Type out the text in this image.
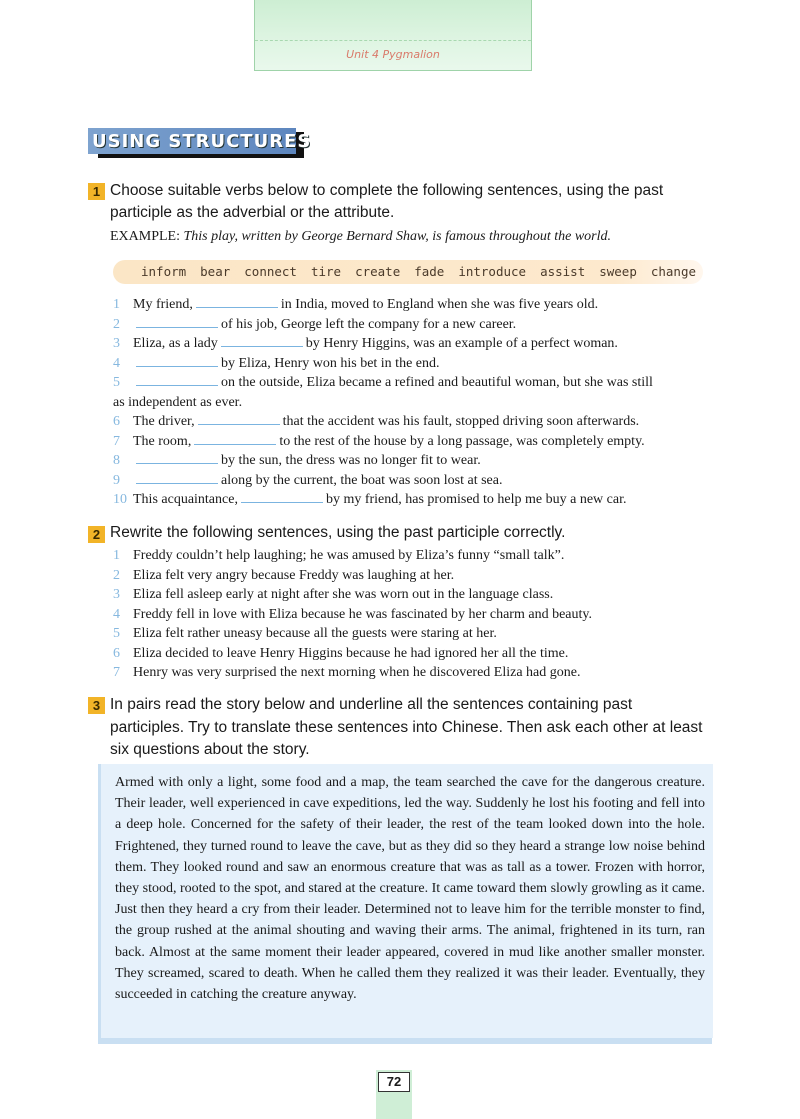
Unit 4 Pygmalion
USING STRUCTURES
1 Choose suitable verbs below to complete the following sentences, using the past participle as the adverbial or the attribute.
EXAMPLE: This play, written by George Bernard Shaw, is famous throughout the world.
inform bear connect tire create fade introduce assist sweep change
1 My friend,	in India, moved to England when she was five years old.
2	of his job, George left the company for a new career.
3 Eliza, as a lady	by Henry Higgins, was an example of a perfect woman.
4	by Eliza, Henry won his bet in the end.
5	on the outside, Eliza became a refined and beautiful woman, but she was still
as independent as ever.
6 The driver,	that the accident was his fault, stopped driving soon afterwards.
7 The room,	to the rest of the house by a long passage, was completely empty.
8	by the sun, the dress was no longer fit to wear.
9	along by the current, the boat was soon lost at sea.
10 This acquaintance,	by my friend, has promised to help me buy a new car.
2 Rewrite the following sentences, using the past participle correctly.
1 Freddy couldn’t help laughing; he was amused by Eliza’s funny “small talk”.
2 Eliza felt very angry because Freddy was laughing at her.
3 Eliza fell asleep early at night after she was worn out in the language class.
4 Freddy fell in love with Eliza because he was fascinated by her charm and beauty.
5 Eliza felt rather uneasy because all the guests were staring at her.
6 Eliza decided to leave Henry Higgins because he had ignored her all the time.
7 Henry was very surprised the next morning when he discovered Eliza had gone.
3 In pairs read the story below and underline all the sentences containing past participles. Try to translate these sentences into Chinese. Then ask each other at least six questions about the story.
Armed with only a light, some food and a map, the team searched the cave for the dangerous creature. Their leader, well experienced in cave expeditions, led the way. Suddenly he lost his footing and fell into a deep hole. Concerned for the safety of their leader, the rest of the team looked down into the hole. Frightened, they turned round to leave the cave, but as they did so they heard a strange low noise behind them. They looked round and saw an enormous creature that was as tall as a tower. Frozen with horror, they stood, rooted to the spot, and stared at the creature. It came toward them slowly growling as it came. Just then they heard a cry from their leader. Determined not to leave him for the terrible monster to find, the group rushed at the animal shouting and waving their arms. The animal, frightened in its turn, ran back. Almost at the same moment their leader appeared, covered in mud like another smaller monster. They screamed, scared to death. When he called them they realized it was their leader. Eventually, they succeeded in catching the creature anyway.
72
